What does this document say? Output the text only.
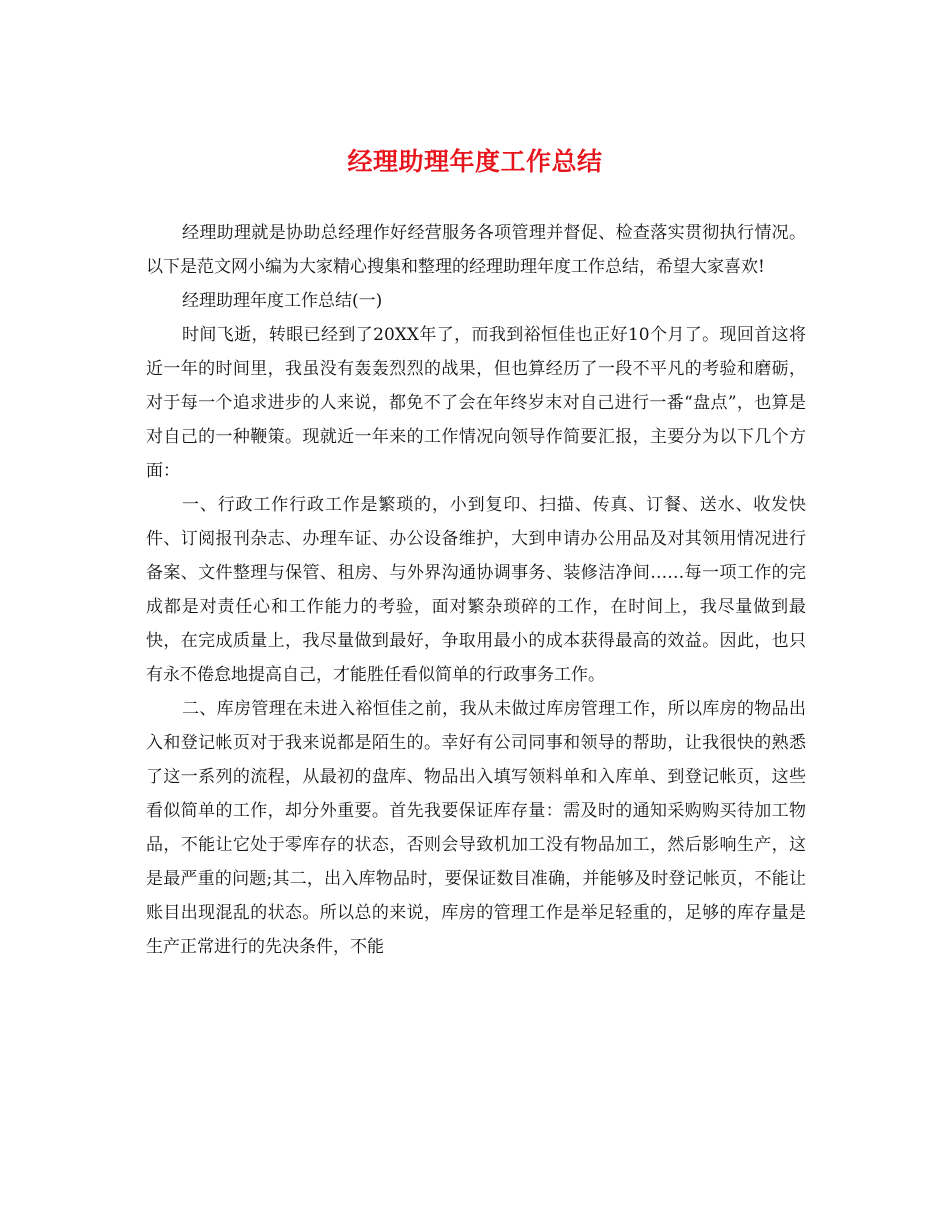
经理助理年度工作总结

经理助理就是协助总经理作好经营服务各项管理并督促、检查落实贯彻执行情况。以下是范文网小编为大家精心搜集和整理的经理助理年度工作总结，希望大家喜欢!

经理助理年度工作总结(一)

时间飞逝，转眼已经到了20XX年了，而我到裕恒佳也正好10个月了。现回首这将近一年的时间里，我虽没有轰轰烈烈的战果，但也算经历了一段不平凡的考验和磨砺，对于每一个追求进步的人来说，都免不了会在年终岁末对自己进行一番“盘点”，也算是对自己的一种鞭策。现就近一年来的工作情况向领导作简要汇报，主要分为以下几个方面：

一、行政工作行政工作是繁琐的，小到复印、扫描、传真、订餐、送水、收发快件、订阅报刊杂志、办理车证、办公设备维护，大到申请办公用品及对其领用情况进行备案、文件整理与保管、租房、与外界沟通协调事务、装修洁净间……每一项工作的完成都是对责任心和工作能力的考验，面对繁杂琐碎的工作，在时间上，我尽量做到最快，在完成质量上，我尽量做到最好，争取用最小的成本获得最高的效益。因此，也只有永不倦怠地提高自己，才能胜任看似简单的行政事务工作。

二、库房管理在未进入裕恒佳之前，我从未做过库房管理工作，所以库房的物品出入和登记帐页对于我来说都是陌生的。幸好有公司同事和领导的帮助，让我很快的熟悉了这一系列的流程，从最初的盘库、物品出入填写领料单和入库单、到登记帐页，这些看似简单的工作，却分外重要。首先我要保证库存量：需及时的通知采购购买待加工物品，不能让它处于零库存的状态，否则会导致机加工没有物品加工，然后影响生产，这是最严重的问题;其二，出入库物品时，要保证数目准确，并能够及时登记帐页，不能让账目出现混乱的状态。所以总的来说，库房的管理工作是举足轻重的，足够的库存量是生产正常进行的先决条件，不能
